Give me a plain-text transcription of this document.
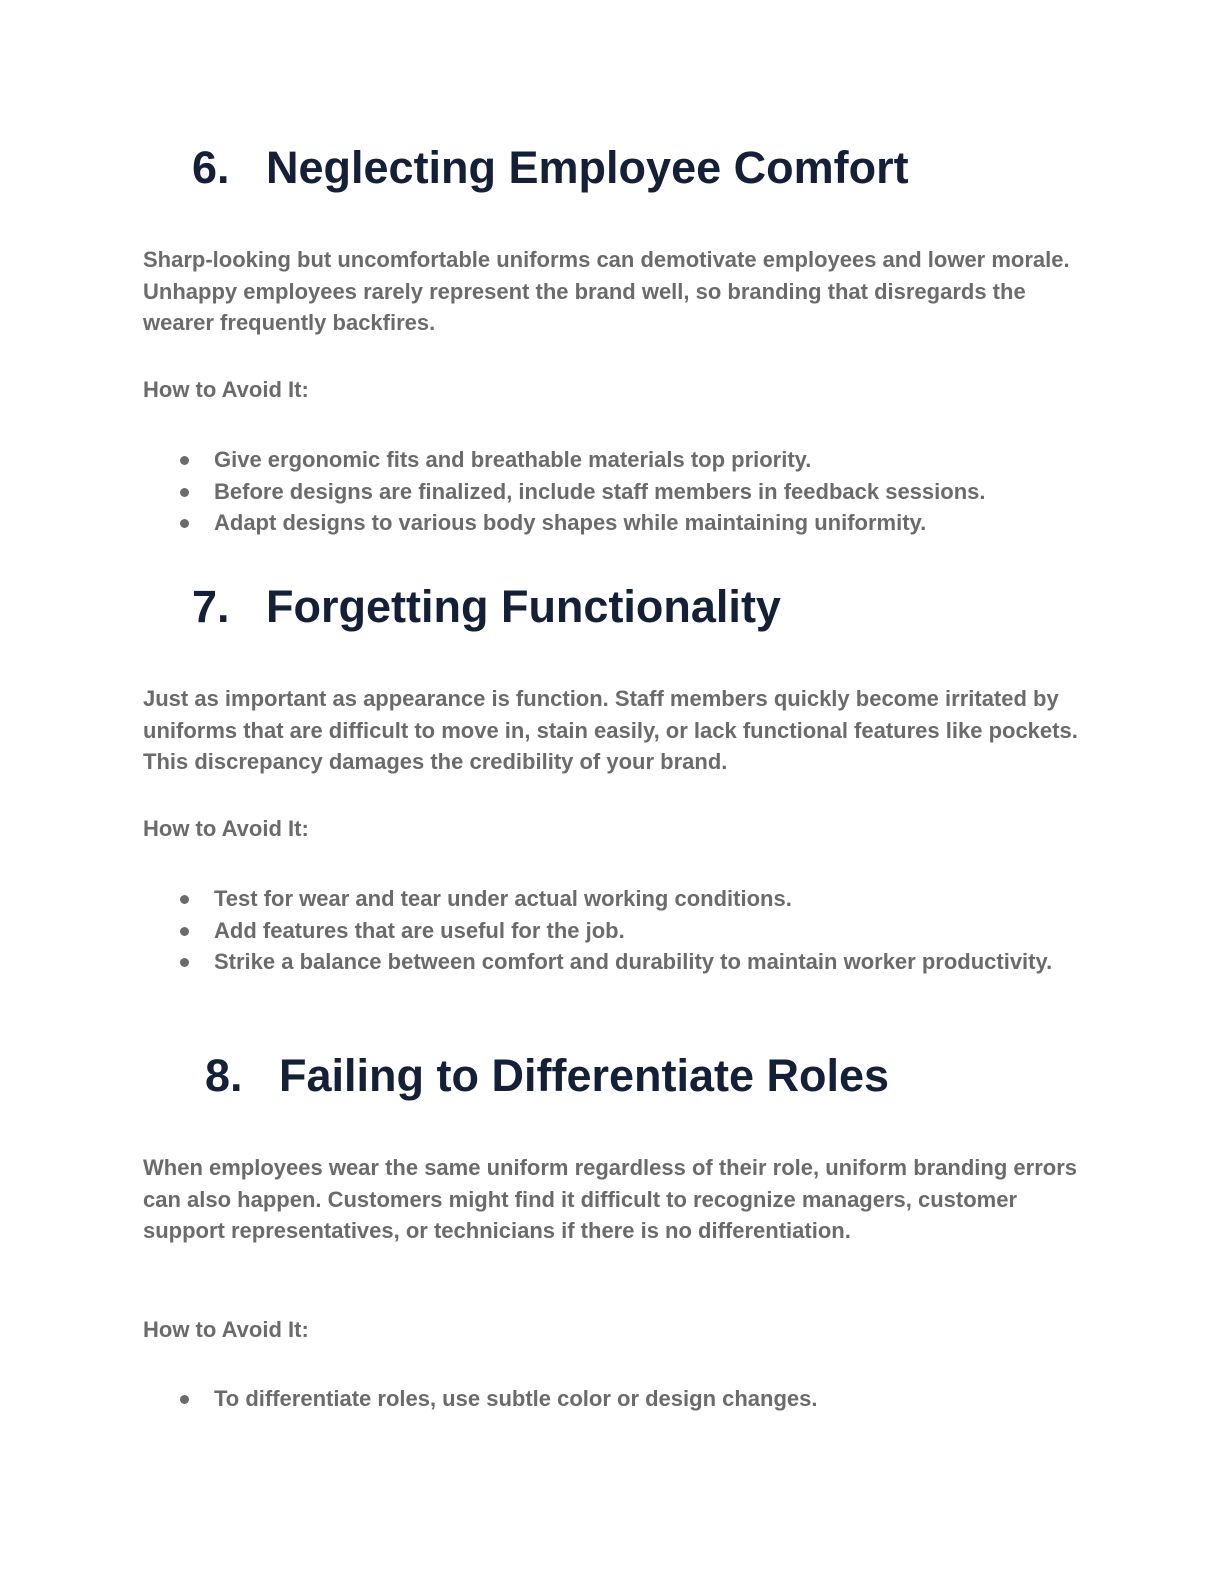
6. Neglecting Employee Comfort

Sharp-looking but uncomfortable uniforms can demotivate employees and lower morale. Unhappy employees rarely represent the brand well, so branding that disregards the wearer frequently backfires.

How to Avoid It:

Give ergonomic fits and breathable materials top priority.
Before designs are finalized, include staff members in feedback sessions.
Adapt designs to various body shapes while maintaining uniformity.
7. Forgetting Functionality

Just as important as appearance is function. Staff members quickly become irritated by uniforms that are difficult to move in, stain easily, or lack functional features like pockets. This discrepancy damages the credibility of your brand.

How to Avoid It:

Test for wear and tear under actual working conditions.
Add features that are useful for the job.
Strike a balance between comfort and durability to maintain worker productivity.
8. Failing to Differentiate Roles

When employees wear the same uniform regardless of their role, uniform branding errors can also happen. Customers might find it difficult to recognize managers, customer support representatives, or technicians if there is no differentiation.

How to Avoid It:

To differentiate roles, use subtle color or design changes.
